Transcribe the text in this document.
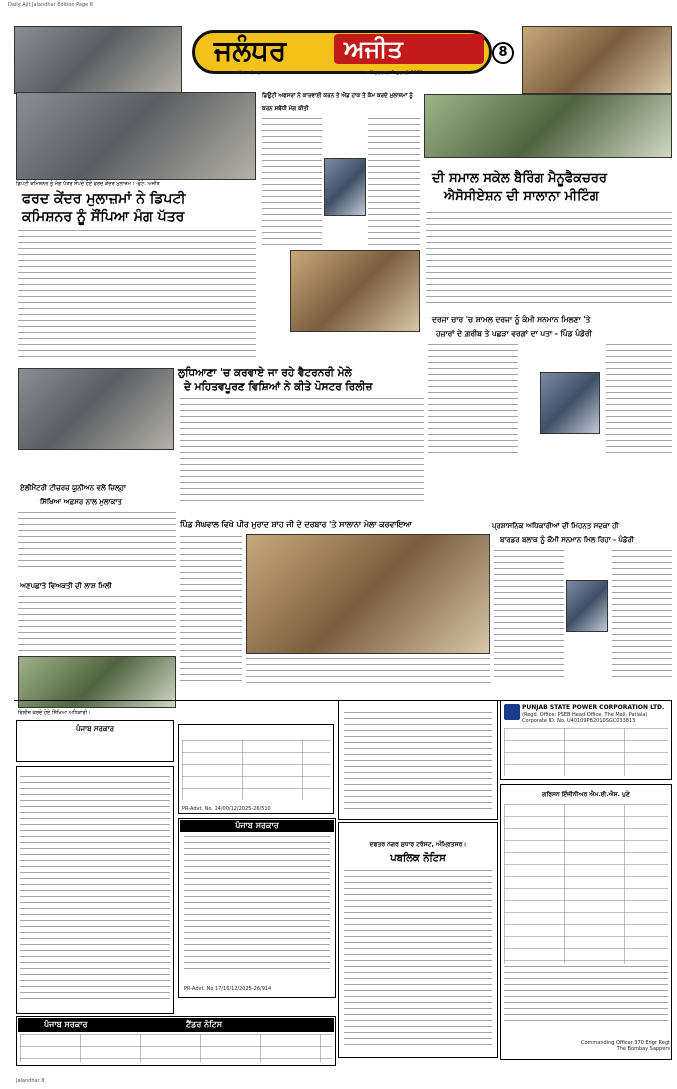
Daily Ajit Jalandhar Edition Page 8
ਜਲੰਧਰ	ਅਜੀਤ
ਅਜੀਤ, ਜਲੰਧਰ	ਸ਼ਨਿੱਚਰਵਾਰ, 5 ਜੁਲਾਈ 2025
8
ਡਿਪਟੀ ਕਮਿਸ਼ਨਰ ਨੂੰ ਮੰਗ ਪੱਤਰ ਸੌਂਪਦੇ ਹੋਏ ਫਰਦ ਕੇਂਦਰ ਮੁਲਾਜ਼ਮ। -ਫੋਟੋ: ਅਜੀਤ
ਫਰਦ ਕੇਂਦਰ ਮੁਲਾਜ਼ਮਾਂ ਨੇ ਡਿਪਟੀ
ਕਮਿਸ਼ਨਰ ਨੂੰ ਸੌਂਪਿਆ ਮੰਗ ਪੱਤਰ
ਡਿਊਟੀ ਅਫਸਰਾਂ ਨੇ ਕਾਰਵਾਈ ਕਰਨ ਤੇ ਐਡ ਹਾਕ ਤੇ ਕੰਮ ਕਰਦੇ ਮੁਲਾਜ਼ਮਾਂ ਨੂੰ
ਕਰਨ ਸਬੰਧੀ ਮੰਗ ਕੀਤੀ
ਦੀ ਸਮਾਲ ਸਕੇਲ ਬੈਰਿੰਗ ਮੈਨੂਫੈਕਚਰਰ
ਐਸੋਸੀਏਸ਼ਨ ਦੀ ਸਾਲਾਨਾ ਮੀਟਿੰਗ
ਲੁਧਿਆਣਾ 'ਚ ਕਰਵਾਏ ਜਾ ਰਹੇ ਵੈਟਰਨਰੀ ਮੇਲੇ
ਦੇ ਮਹਿਤਵਪੂਰਣ ਵਿਸ਼ਿਆਂ ਨੇ ਕੀਤੇ ਪੋਸਟਰ ਰਿਲੀਜ਼
ਦਰਜਾ ਚਾਰ 'ਚ ਸ਼ਾਮਲ ਦਰਜਾ ਨੂੰ ਕੰਮੀ ਸਨਮਾਨ ਮਿਲਣਾ 'ਤੇ
ਹਜ਼ਾਰਾਂ ਦੇ ਗ਼ਰੀਬ ਤੇ ਪਛੜਾ ਵਰਗਾਂ ਦਾ ਪਤਾ - ਪਿੰਡ ਪੰਡੋਰੀ
ਏਲੀਮੈਂਟਰੀ ਟੀਚਰਜ਼ ਯੂਨੀਅਨ ਵਲੋਂ ਜ਼ਿਲ੍ਹਾ
ਸਿੱਖਿਆ ਅਫ਼ਸਰ ਨਾਲ ਮੁਲਾਕਾਤ
ਪਿੰਡ ਸੰਘਵਾਲ ਵਿਖੇ ਪੀਰ ਮੁਰਾਦ ਸ਼ਾਹ ਜੀ ਦੇ ਦਰਬਾਰ 'ਤੇ ਸਾਲਾਨਾ ਮੇਲਾ ਕਰਵਾਇਆ	ਪ੍ਰਸ਼ਾਸਨਿਕ ਅਧਿਕਾਰੀਆਂ ਦੀ ਮਿਹਨਤ ਸਦਕਾ ਹੀ
ਬਾਰਡਰ ਬਲਾਕ ਨੂੰ ਕੌਮੀ ਸਨਮਾਨ ਮਿਲ ਰਿਹਾ - ਪੰਡੋਰੀ
ਅਣਪਛਾਤੇ ਵਿਅਕਤੀ ਦੀ ਲਾਸ਼ ਮਿਲੀ
ਰਿਲੀਜ਼ ਕਰਦੇ ਹੋਏ ਸਿੱਖਿਆ ਅਧਿਕਾਰੀ।
ਪੰਜਾਬ ਸਰਕਾਰ
PR-Advt. No. 14/00/12/2025-26/510
PUNJAB STATE POWER CORPORATION LTD.
(Regd. Office: PSEB Head Office, The Mall, Patiala)
Corporate ID. No. U40109PB2010SGC033813
ਪੰਜਾਬ ਸਰਕਾਰ
PR-Advt. No 17/16/12/2025-26/914
ਦਫਤਰ ਨਗਰ ਸੁਧਾਰ ਟਰੱਸਟ, ਅੰਮ੍ਰਿਤਸਰ।
ਪਬਲਿਕ ਨੋਟਿਸ
ਗਰਿਸਨ ਇੰਜੀਨੀਅਰ ਐਮ.ਈ.ਐਸ. ਪੁਣੇ
Commanding Officer 370 Engr Regt
The Bombay Sappers
ਪੰਜਾਬ ਸਰਕਾਰ	ਟੈਂਡਰ ਨੋਟਿਸ
Jalandhar 8
